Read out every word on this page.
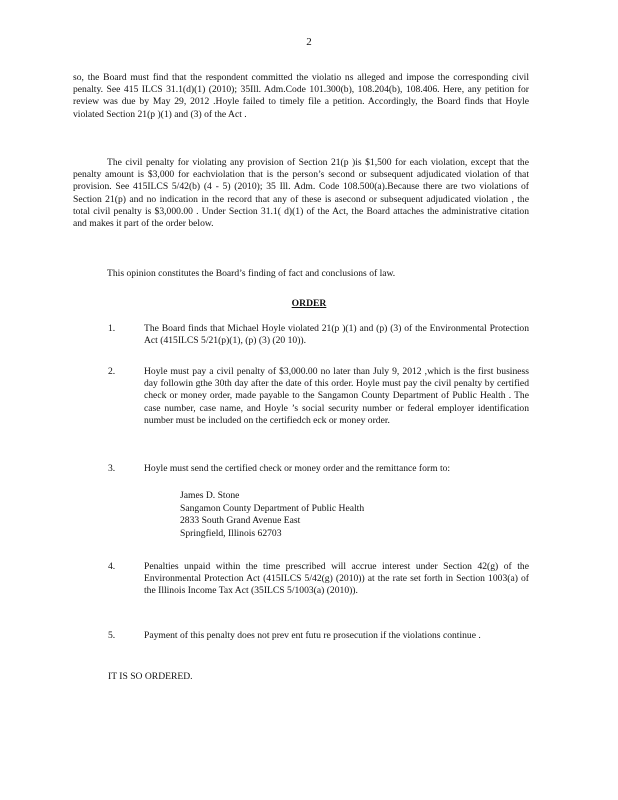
2
so, the Board must find that the respondent committed the violatio ns alleged and impose the corresponding civil penalty. See 415 ILCS 31.1(d)(1) (2010); 35Ill. Adm.Code 101.300(b), 108.204(b), 108.406. Here, any petition for review was due by May 29, 2012 .Hoyle failed to timely file a petition. Accordingly, the Board finds that Hoyle violated Section 21(p )(1) and (3) of the Act .
The civil penalty for violating any provision of Section 21(p )is $1,500 for each violation, except that the penalty amount is $3,000 for eachviolation that is the person’s second or subsequent adjudicated violation of that provision. See 415ILCS 5/42(b) (4 - 5) (2010); 35 Ill. Adm. Code 108.500(a).Because there are two violations of Section 21(p) and no indication in the record that any of these is asecond or subsequent adjudicated violation , the total civil penalty is $3,000.00 . Under Section 31.1( d)(1) of the Act, the Board attaches the administrative citation and makes it part of the order below.
This opinion constitutes the Board’s finding of fact and conclusions of law.
ORDER
1.	The Board finds that Michael Hoyle violated 21(p )(1) and (p) (3) of the Environmental Protection Act (415ILCS 5/21(p)(1), (p) (3) (20 10)).
2.	Hoyle must pay a civil penalty of $3,000.00 no later than July 9, 2012 ,which is the first business day followin gthe 30th day after the date of this order. Hoyle must pay the civil penalty by certified check or money order, made payable to the Sangamon County Department of Public Health . The case number, case name, and Hoyle ’s social security number or federal employer identification number must be included on the certifiedch eck or money order.
3.	Hoyle must send the certified check or money order and the remittance form to:
James D. Stone
Sangamon County Department of Public Health
2833 South Grand Avenue East
Springfield, Illinois 62703
4.	Penalties unpaid within the time prescribed will accrue interest under Section 42(g) of the Environmental Protection Act (415ILCS 5/42(g) (2010)) at the rate set forth in Section 1003(a) of the Illinois Income Tax Act (35ILCS 5/1003(a) (2010)).
5.	Payment of this penalty does not prev ent futu re prosecution if the violations continue .
IT IS SO ORDERED.
